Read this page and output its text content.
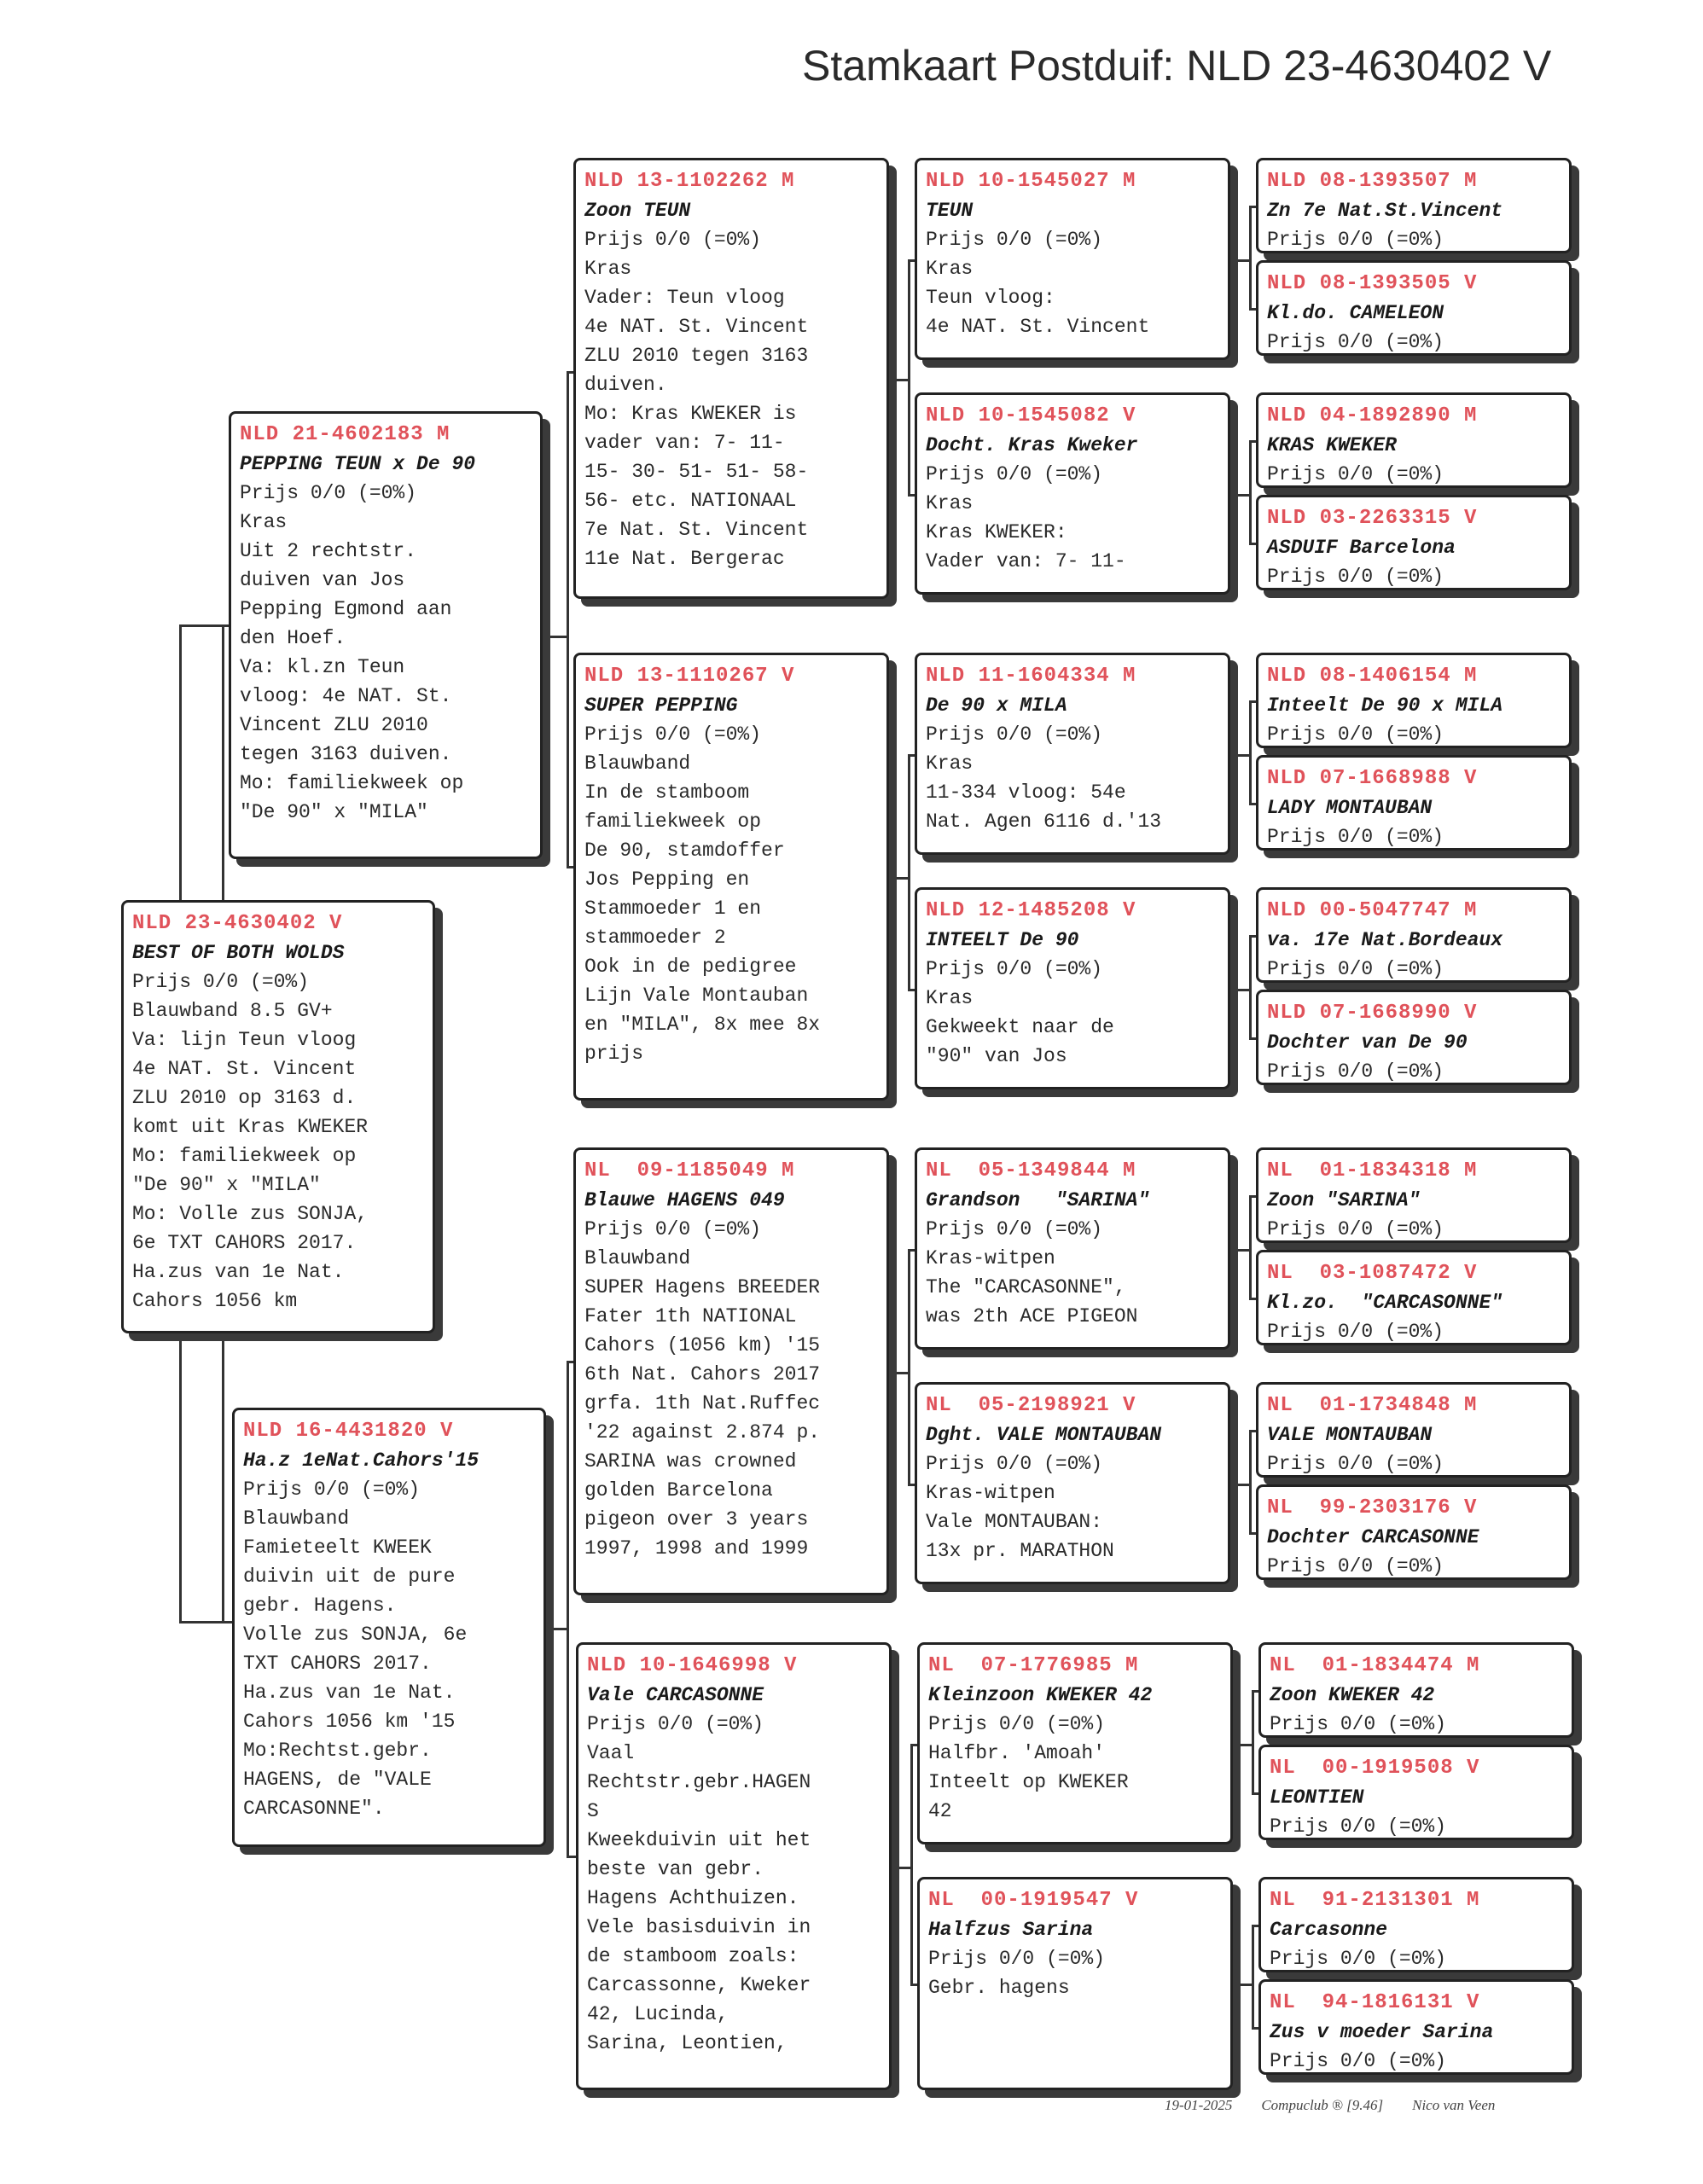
Stamkaart Postduif: NLD 23-4630402 V
NLD 23-4630402 V
BEST OF BOTH WOLDS
Prijs 0/0 (=0%)
Blauwband 8.5 GV+
Va: lijn Teun vloog
4e NAT. St. Vincent
ZLU 2010 op 3163 d.
komt uit Kras KWEKER
Mo: familiekweek op
"De 90" x "MILA"
Mo: Volle zus SONJA,
6e TXT CAHORS 2017.
Ha.zus van 1e Nat.
Cahors 1056 km
NLD 21-4602183 M
PEPPING TEUN x De 90
Prijs 0/0 (=0%)
Kras
Uit 2 rechtstr.
duiven van Jos
Pepping Egmond aan
den Hoef.
Va: kl.zn Teun
vloog: 4e NAT. St.
Vincent ZLU 2010
tegen 3163 duiven.
Mo: familiekweek op
"De 90" x "MILA"
NLD 16-4431820 V
Ha.z 1eNat.Cahors'15
Prijs 0/0 (=0%)
Blauwband
Famieteelt KWEEK
duivin uit de pure
gebr. Hagens.
Volle zus SONJA, 6e
TXT CAHORS 2017.
Ha.zus van 1e Nat.
Cahors 1056 km '15
Mo:Rechtst.gebr.
HAGENS, de "VALE
CARCASONNE".
NLD 13-1102262 M
Zoon TEUN
Prijs 0/0 (=0%)
Kras
Vader: Teun vloog
4e NAT. St. Vincent
ZLU 2010 tegen 3163
duiven.
Mo: Kras KWEKER is
vader van: 7- 11-
15- 30- 51- 51- 58-
56- etc. NATIONAAL
7e Nat. St. Vincent
11e Nat. Bergerac
NLD 13-1110267 V
SUPER PEPPING
Prijs 0/0 (=0%)
Blauwband
In de stamboom
familiekweek op
De 90, stamdoffer
Jos Pepping en
Stammoeder 1 en
stammoeder 2
Ook in de pedigree
Lijn Vale Montauban
en "MILA", 8x mee 8x
prijs
NL  09-1185049 M
Blauwe HAGENS 049
Prijs 0/0 (=0%)
Blauwband
SUPER Hagens BREEDER
Fater 1th NATIONAL
Cahors (1056 km) '15
6th Nat. Cahors 2017
grfa. 1th Nat.Ruffec
'22 against 2.874 p.
SARINA was crowned
golden Barcelona
pigeon over 3 years
1997, 1998 and 1999
NLD 10-1646998 V
Vale CARCASONNE
Prijs 0/0 (=0%)
Vaal
Rechtstr.gebr.HAGEN
S
Kweekduivin uit het
beste van gebr.
Hagens Achthuizen.
Vele basisduivin in
de stamboom zoals:
Carcassonne, Kweker
42, Lucinda,
Sarina, Leontien,
NLD 10-1545027 M
TEUN
Prijs 0/0 (=0%)
Kras
Teun vloog:
4e NAT. St. Vincent
NLD 10-1545082 V
Docht. Kras Kweker
Prijs 0/0 (=0%)
Kras
Kras KWEKER:
Vader van: 7- 11-
NLD 11-1604334 M
De 90 x MILA
Prijs 0/0 (=0%)
Kras
11-334 vloog: 54e
Nat. Agen 6116 d.'13
NLD 12-1485208 V
INTEELT De 90
Prijs 0/0 (=0%)
Kras
Gekweekt naar de
"90" van Jos
NL  05-1349844 M
Grandson   "SARINA"
Prijs 0/0 (=0%)
Kras-witpen
The "CARCASONNE",
was 2th ACE PIGEON
NL  05-2198921 V
Dght. VALE MONTAUBAN
Prijs 0/0 (=0%)
Kras-witpen
Vale MONTAUBAN:
13x pr. MARATHON
NL  07-1776985 M
Kleinzoon KWEKER 42
Prijs 0/0 (=0%)
Halfbr. 'Amoah'
Inteelt op KWEKER
42
NL  00-1919547 V
Halfzus Sarina
Prijs 0/0 (=0%)
Gebr. hagens
NLD 08-1393507 M
Zn 7e Nat.St.Vincent
Prijs 0/0 (=0%)
NLD 08-1393505 V
Kl.do. CAMELEON
Prijs 0/0 (=0%)
NLD 04-1892890 M
KRAS KWEKER
Prijs 0/0 (=0%)
NLD 03-2263315 V
ASDUIF Barcelona
Prijs 0/0 (=0%)
NLD 08-1406154 M
Inteelt De 90 x MILA
Prijs 0/0 (=0%)
NLD 07-1668988 V
LADY MONTAUBAN
Prijs 0/0 (=0%)
NLD 00-5047747 M
va. 17e Nat.Bordeaux
Prijs 0/0 (=0%)
NLD 07-1668990 V
Dochter van De 90
Prijs 0/0 (=0%)
NL  01-1834318 M
Zoon "SARINA"
Prijs 0/0 (=0%)
NL  03-1087472 V
Kl.zo.  "CARCASONNE"
Prijs 0/0 (=0%)
NL  01-1734848 M
VALE MONTAUBAN
Prijs 0/0 (=0%)
NL  99-2303176 V
Dochter CARCASONNE
Prijs 0/0 (=0%)
NL  01-1834474 M
Zoon KWEKER 42
Prijs 0/0 (=0%)
NL  00-1919508 V
LEONTIEN
Prijs 0/0 (=0%)
NL  91-2131301 M
Carcasonne
Prijs 0/0 (=0%)
NL  94-1816131 V
Zus v moeder Sarina
Prijs 0/0 (=0%)
19-01-2025 Compuclub ® [9.46] Nico van Veen
